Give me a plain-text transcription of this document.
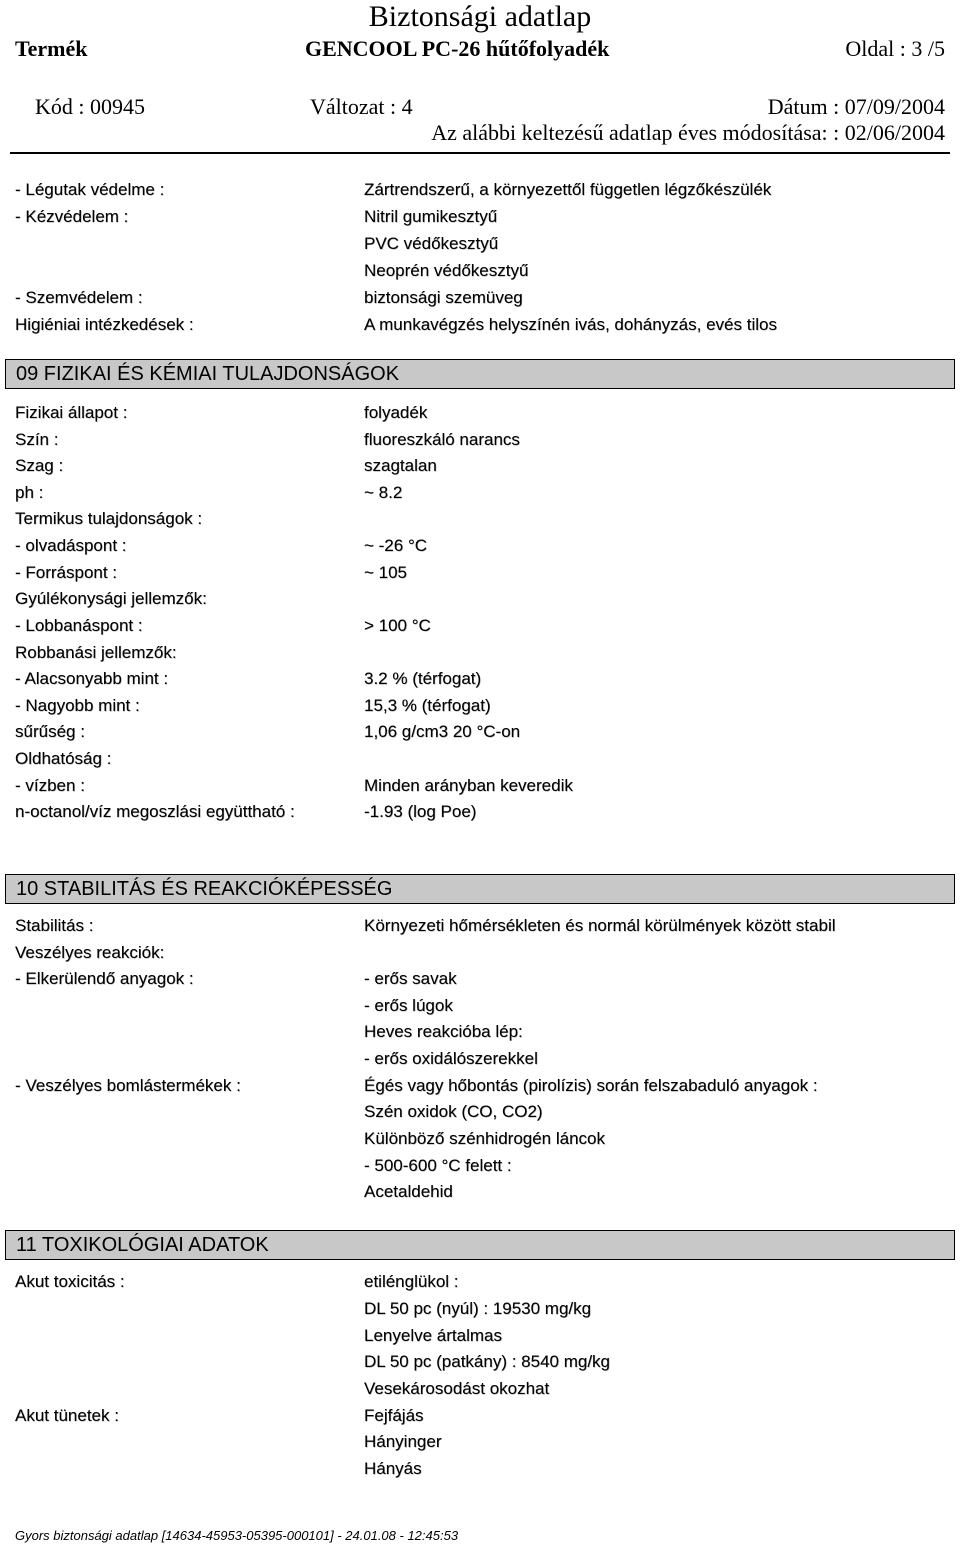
Biztonsági adatlap
Termék	GENCOOL PC-26 hűtőfolyadék	Oldal : 3 /5
Kód : 00945	Változat : 4	Dátum : 07/09/2004
Az alábbi keltezésű adatlap éves módosítása: : 02/06/2004
- Légutak védelme :	Zártrendszerű, a környezettől független légzőkészülék
- Kézvédelem :	Nitril gumikesztyű
PVC védőkesztyű
Neoprén védőkesztyű
- Szemvédelem :	biztonsági szemüveg
Higiéniai intézkedések :	A munkavégzés helyszínén ivás, dohányzás, evés tilos
09 FIZIKAI ÉS KÉMIAI TULAJDONSÁGOK
Fizikai állapot :	folyadék
Szín :	fluoreszkáló narancs
Szag :	szagtalan
ph :	~ 8.2
Termikus tulajdonságok :
- olvadáspont :	~ -26 °C
- Forráspont :	~ 105
Gyúlékonysági jellemzők:
- Lobbanáspont :	> 100 °C
Robbanási jellemzők:
- Alacsonyabb mint :	3.2 % (térfogat)
- Nagyobb mint :	15,3 % (térfogat)
sűrűség :	1,06 g/cm3 20 °C-on
Oldhatóság :
- vízben :	Minden arányban keveredik
n-octanol/víz megoszlási együttható :	-1.93 (log Poe)
10 STABILITÁS ÉS REAKCIÓKÉPESSÉG
Stabilitás :	Környezeti hőmérsékleten és normál körülmények között stabil
Veszélyes reakciók:
- Elkerülendő anyagok :	- erős savak
- erős lúgok
Heves reakcióba lép:
- erős oxidálószerekkel
- Veszélyes bomlástermékek :	Égés vagy hőbontás (pirolízis) során felszabaduló anyagok :
Szén oxidok (CO, CO2)
Különböző szénhidrogén láncok
- 500-600 °C felett :
Acetaldehid
11 TOXIKOLÓGIAI ADATOK
Akut toxicitás :	etilénglükol :
DL 50 pc (nyúl) : 19530 mg/kg
Lenyelve ártalmas
DL 50 pc (patkány) : 8540 mg/kg
Vesekárosodást okozhat
Akut tünetek :	Fejfájás
Hányinger
Hányás
Gyors biztonsági adatlap [14634-45953-05395-000101] - 24.01.08 - 12:45:53
